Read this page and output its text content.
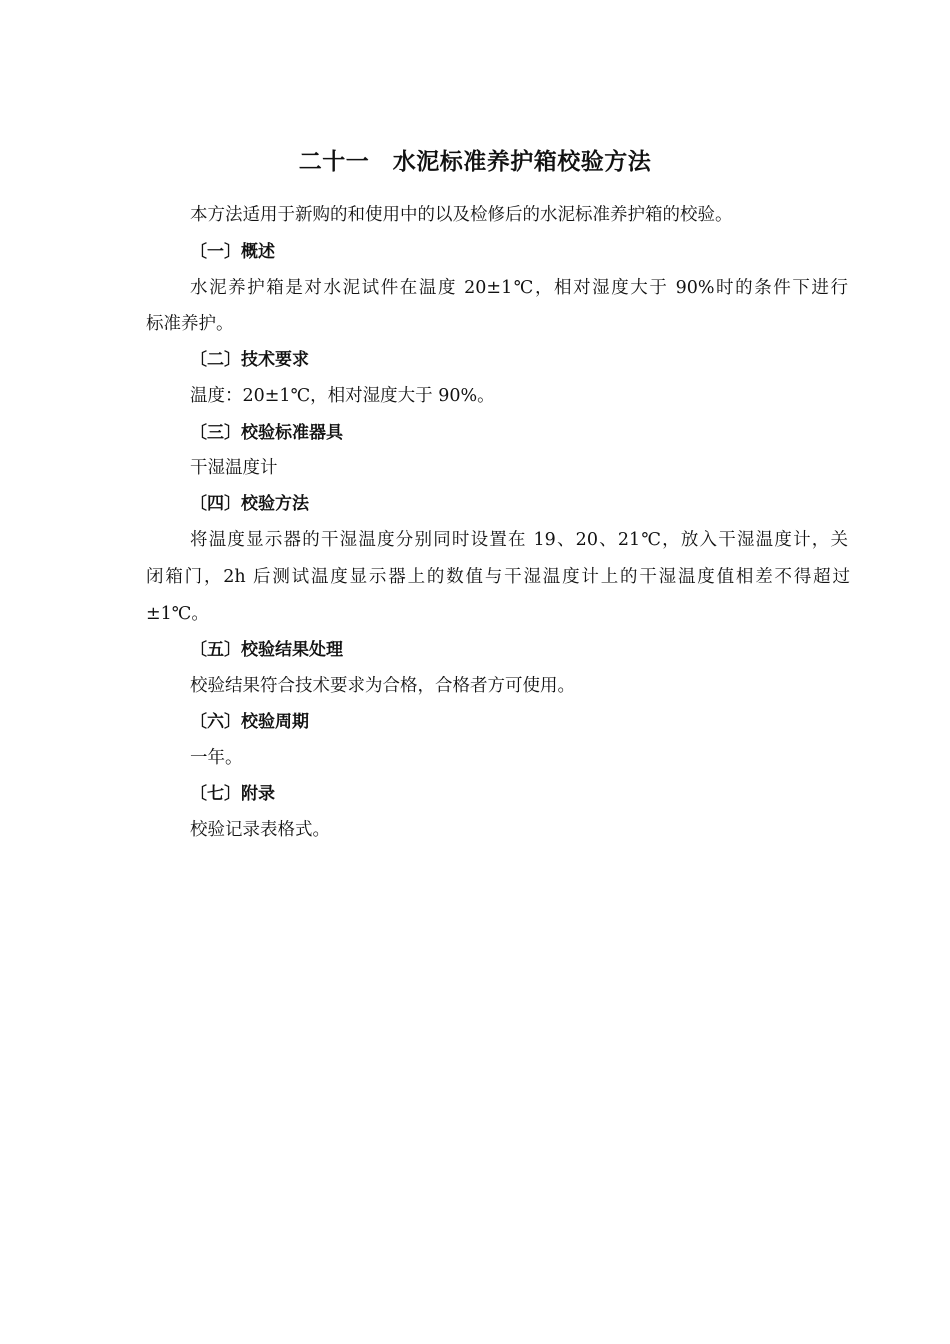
二十一　水泥标准养护箱校验方法
本方法适用于新购的和使用中的以及检修后的水泥标准养护箱的校验。
〔一〕概述
水泥养护箱是对水泥试件在温度 20±1℃，相对湿度大于 90%时的条件下进行
标准养护。
〔二〕技术要求
温度：20±1℃，相对湿度大于 90%。
〔三〕校验标准器具
干湿温度计
〔四〕校验方法
将温度显示器的干湿温度分别同时设置在 19、20、21℃，放入干湿温度计，关
闭箱门，2h 后测试温度显示器上的数值与干湿温度计上的干湿温度值相差不得超过
±1℃。
〔五〕校验结果处理
校验结果符合技术要求为合格，合格者方可使用。
〔六〕校验周期
一年。
〔七〕附录
校验记录表格式。
